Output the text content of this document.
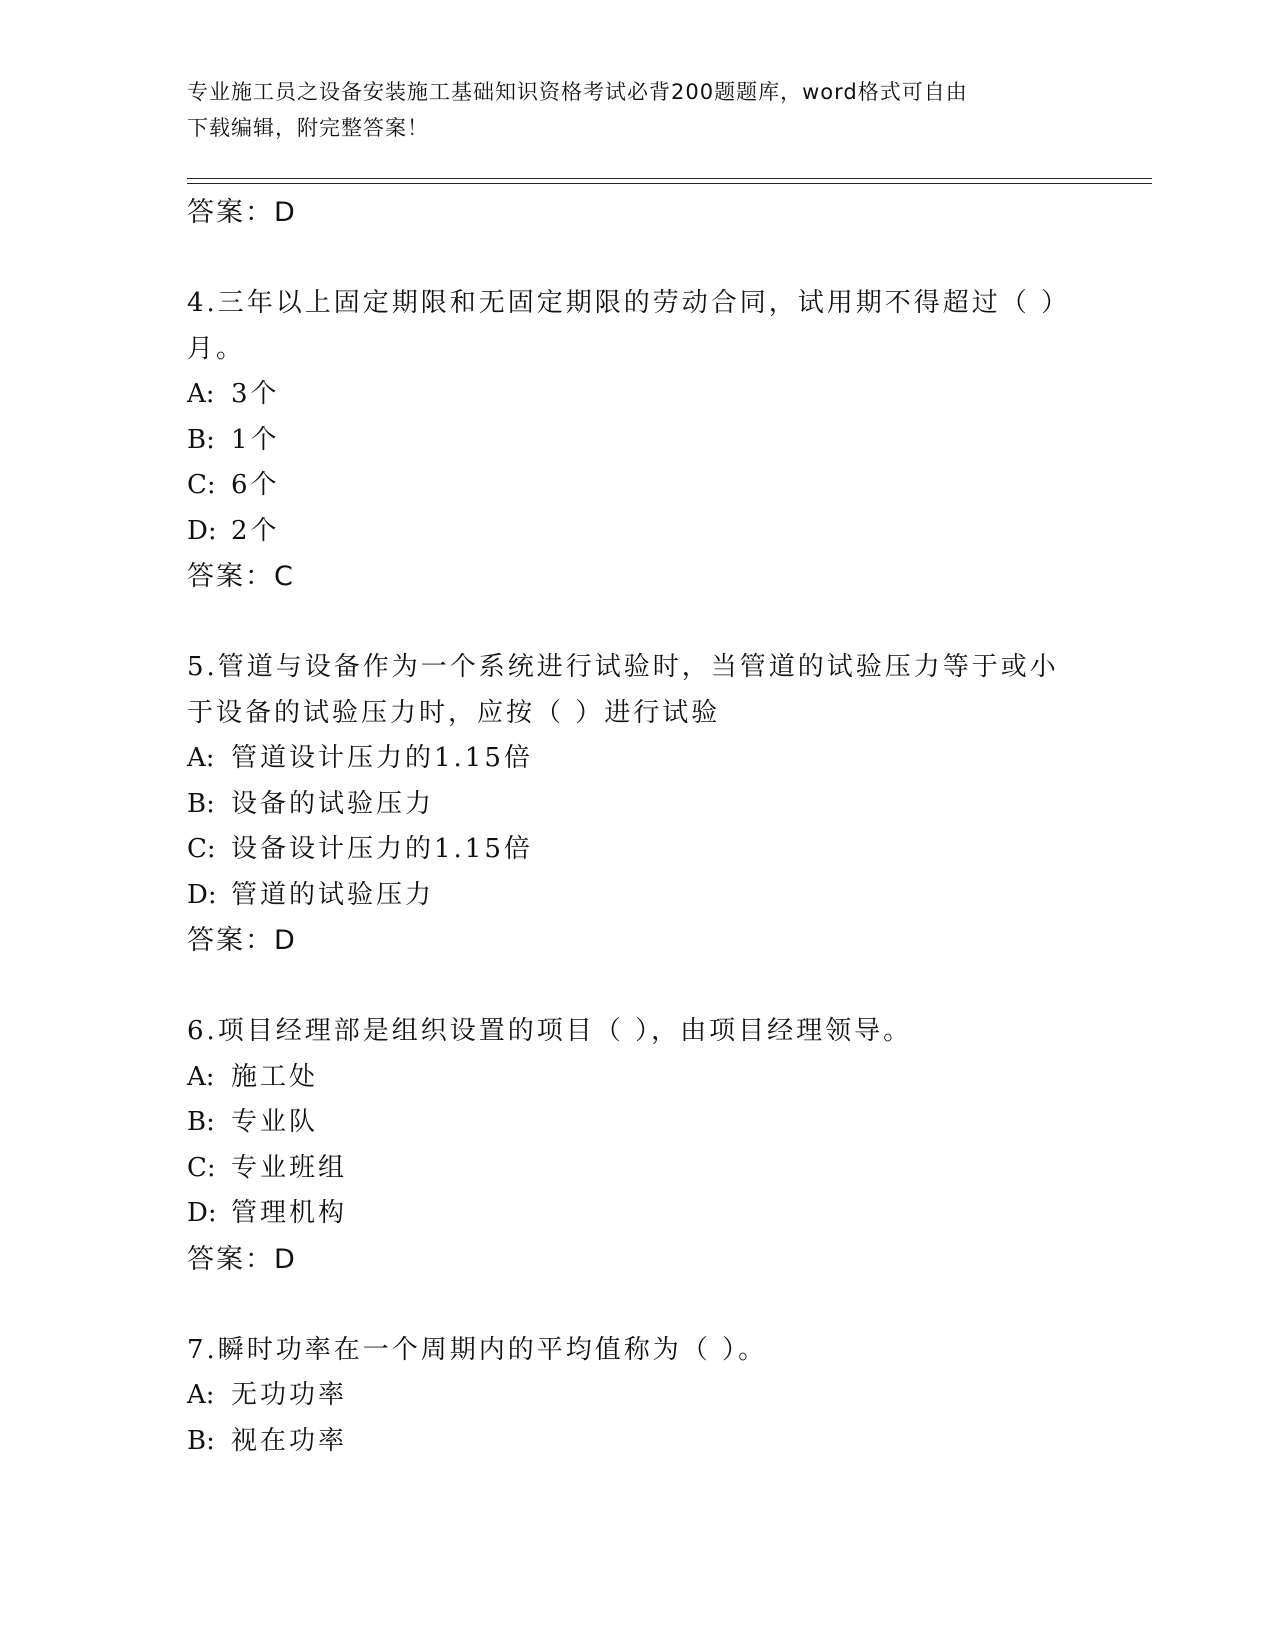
专业施工员之设备安装施工基础知识资格考试必背200题题库，word格式可自由
下载编辑，附完整答案！
答案：D
4.三年以上固定期限和无固定期限的劳动合同，试用期不得超过（ ）
月。
A: 3个
B: 1个
C: 6个
D: 2个
答案：C
5.管道与设备作为一个系统进行试验时，当管道的试验压力等于或小
于设备的试验压力时，应按（ ）进行试验
A: 管道设计压力的1.15倍
B: 设备的试验压力
C: 设备设计压力的1.15倍
D: 管道的试验压力
答案：D
6.项目经理部是组织设置的项目（ ），由项目经理领导。
A: 施工处
B: 专业队
C: 专业班组
D: 管理机构
答案：D
7.瞬时功率在一个周期内的平均值称为（ ）。
A: 无功功率
B: 视在功率
